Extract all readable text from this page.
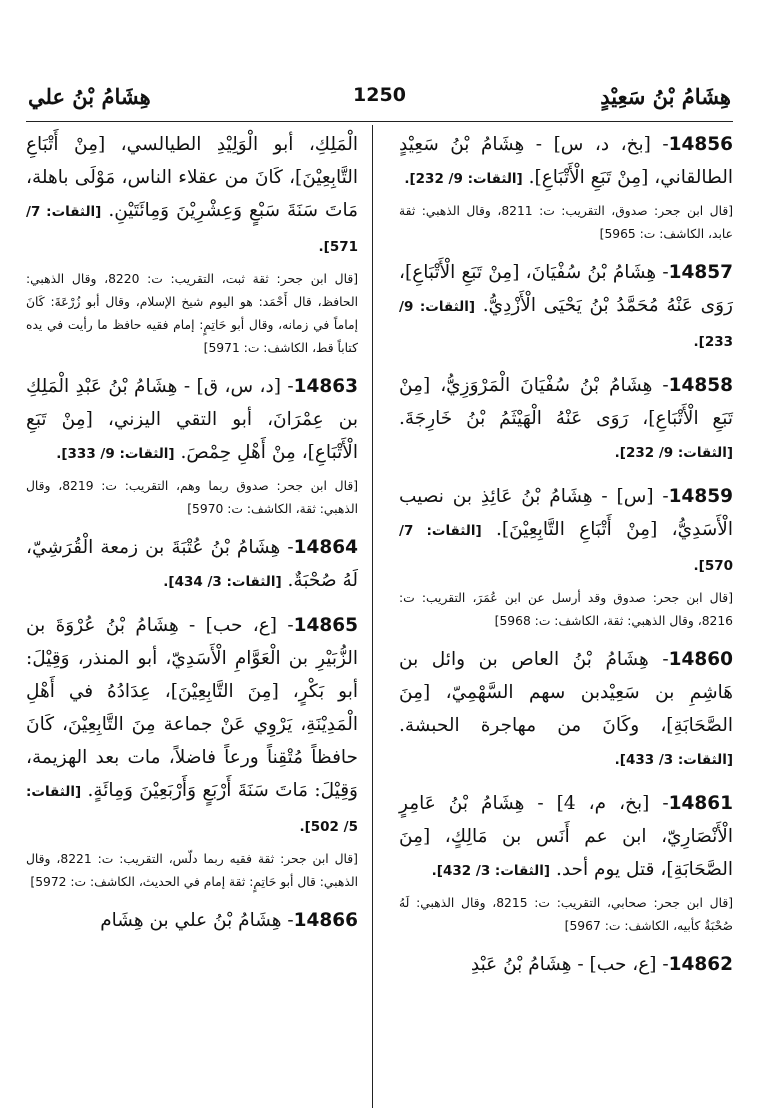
هِشَامُ بْنُ سَعِيْدٍ
1250
هِشَامُ بْنُ علي
14856- [بخ، د، س] - هِشَامُ بْنُ سَعِيْدٍ الطالقاني، [مِنْ تَبَعِ الْأَتْبَاعِ]. [الثقات: 9/ 232].
[قال ابن جحر: صدوق، التقريب: ت: 8211، وقال الذهبي: ثقة عابد، الكاشف: ت: 5965]
14857- هِشَامُ بْنُ سُفْيَانَ، [مِنْ تَبَعِ الْأَتْبَاعِ]، رَوَى عَنْهُ مُحَمَّدُ بْنُ يَحْيَى الْأَزْدِيُّ. [الثقات: 9/ 233].
14858- هِشَامُ بْنُ سُفْيَانَ الْمَرْوَزِيُّ، [مِنْ تَبَعِ الْأَتْبَاعِ]، رَوَى عَنْهُ الْهَيْثَمُ بْنُ خَارِجَةَ. [الثقات: 9/ 232].
14859- [س] - هِشَامُ بْنُ عَائِذِ بن نصيب الْأَسَدِيُّ، [مِنْ أَتْبَاعِ التَّابِعِيْنَ]. [الثقات: 7/ 570].
[قال ابن جحر: صدوق وقد أرسل عن ابن عُمَرَ، التقريب: ت: 8216، وقال الذهبي: ثقة، الكاشف: ت: 5968]
14860- هِشَامُ بْنُ العاص بن وائل بن هَاشِمِ بن سَعِيْدبن سهم السَّهْمِيّ، [مِنَ الصَّحَابَةِ]، وكَانَ من مهاجرة الحبشة. [الثقات: 3/ 433].
14861- [بخ، م، 4] - هِشَامُ بْنُ عَامِرٍ الْأَنْصَارِيّ، ابن عم أَنَس بن مَالِكٍ، [مِنَ الصَّحَابَةِ]، قتل يوم أحد. [الثقات: 3/ 432].
[قال ابن جحر: صحابي، التقريب: ت: 8215، وقال الذهبي: لَهُ صُحْبَةٌ كأبيه، الكاشف: ت: 5967]
14862- [ع، حب] - هِشَامُ بْنُ عَبْدِ
الْمَلِكِ، أبو الْوَلِيْدِ الطيالسي، [مِنْ أَتْبَاعِ التَّابِعِيْنَ]، كَانَ من عقلاء الناس، مَوْلَى باهلة، مَاتَ سَنَةَ سَبْعٍ وَعِشْرِيْنَ وَمِائَتَيْنِ. [الثقات: 7/ 571].
[قال ابن جحر: ثقة ثبت، التقريب: ت: 8220، وقال الذهبي: الحافظ، قال أَحْمَد: هو اليوم شيخ الإسلام، وقال أبو زُرْعَةَ: كَانَ إماماً في زمانه، وقال أبو حَاتِمٍ: إمام فقيه حافظ ما رأيت في يده كتاباً قط، الكاشف: ت: 5971]
14863- [د، س، ق] - هِشَامُ بْنُ عَبْدِ الْمَلِكِ بن عِمْرَانَ، أبو التقي اليزني، [مِنْ تَبَعِ الْأَتْبَاعِ]، مِنْ أَهْلِ حِمْصَ. [الثقات: 9/ 333].
[قال ابن جحر: صدوق ربما وهم، التقريب: ت: 8219، وقال الذهبي: ثقة، الكاشف: ت: 5970]
14864- هِشَامُ بْنُ عُتْبَةَ بن زمعة الْقُرَشِيّ، لَهُ صُحْبَةٌ. [الثقات: 3/ 434].
14865- [ع، حب] - هِشَامُ بْنُ عُرْوَةَ بن الزُّبَيْرِ بن الْعَوَّامِ الْأَسَدِيّ، أبو المنذر، وَقِيْلَ: أبو بَكْرٍ، [مِنَ التَّابِعِيْنَ]، عِدَادُهُ في أَهْلِ الْمَدِيْنَةِ، يَرْوِي عَنْ جماعة مِنَ التَّابِعِيْنَ، كَانَ حافظاً مُتْقِناً ورعاً فاضلاً، مات بعد الهزيمة، وَقِيْلَ: مَاتَ سَنَةَ أَرْبَعٍ وَأَرْبَعِيْنَ وَمِائَةٍ. [الثقات: 5/ 502].
[قال ابن جحر: ثقة فقيه ربما دلّس، التقريب: ت: 8221، وقال الذهبي: قال أبو حَاتِمٍ: ثقة إمام في الحديث، الكاشف: ت: 5972]
14866- هِشَامُ بْنُ علي بن هِشَام
